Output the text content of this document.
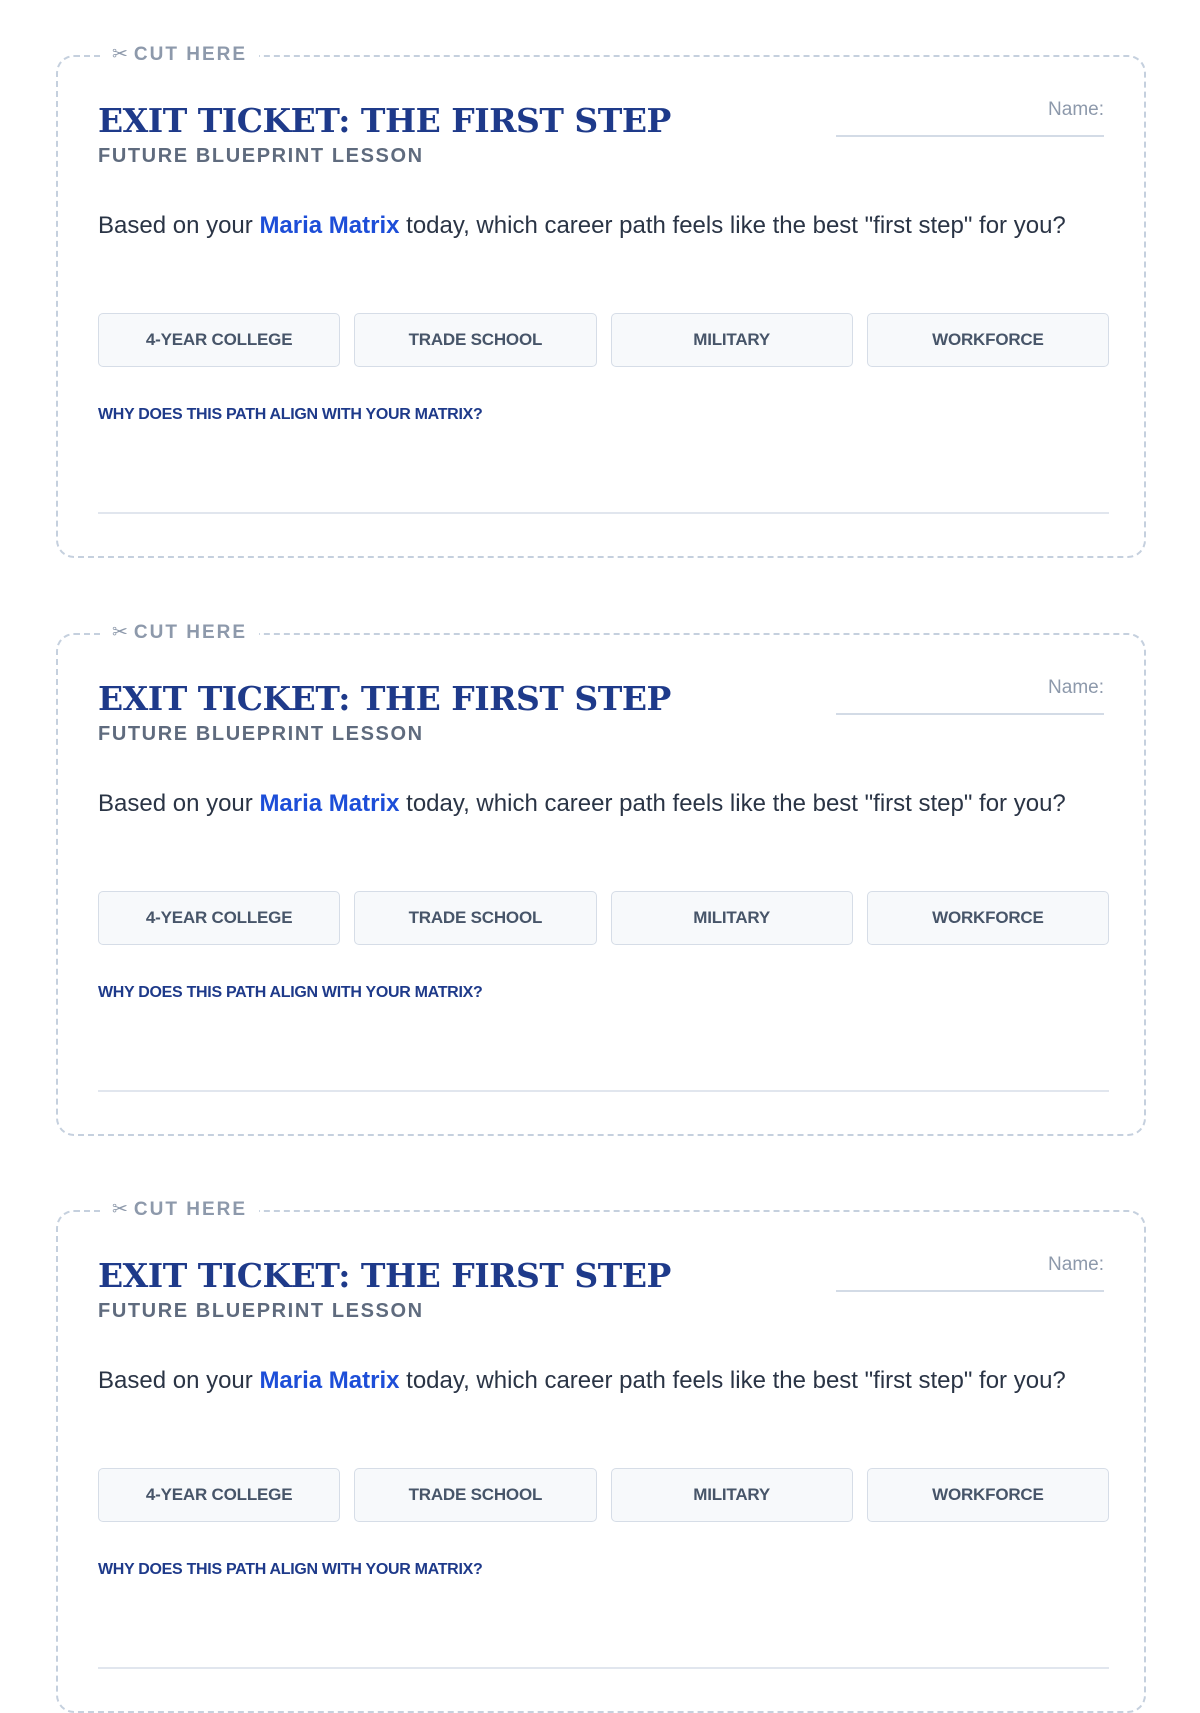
✂ CUT HERE
EXIT TICKET: THE FIRST STEP
FUTURE BLUEPRINT LESSON
Name:
Based on your Maria Matrix today, which career path feels like the best "first step" for you?
4-YEAR COLLEGE	TRADE SCHOOL	MILITARY	WORKFORCE
WHY DOES THIS PATH ALIGN WITH YOUR MATRIX?
✂ CUT HERE
EXIT TICKET: THE FIRST STEP
FUTURE BLUEPRINT LESSON
Name:
Based on your Maria Matrix today, which career path feels like the best "first step" for you?
4-YEAR COLLEGE	TRADE SCHOOL	MILITARY	WORKFORCE
WHY DOES THIS PATH ALIGN WITH YOUR MATRIX?
✂ CUT HERE
EXIT TICKET: THE FIRST STEP
FUTURE BLUEPRINT LESSON
Name:
Based on your Maria Matrix today, which career path feels like the best "first step" for you?
4-YEAR COLLEGE	TRADE SCHOOL	MILITARY	WORKFORCE
WHY DOES THIS PATH ALIGN WITH YOUR MATRIX?
